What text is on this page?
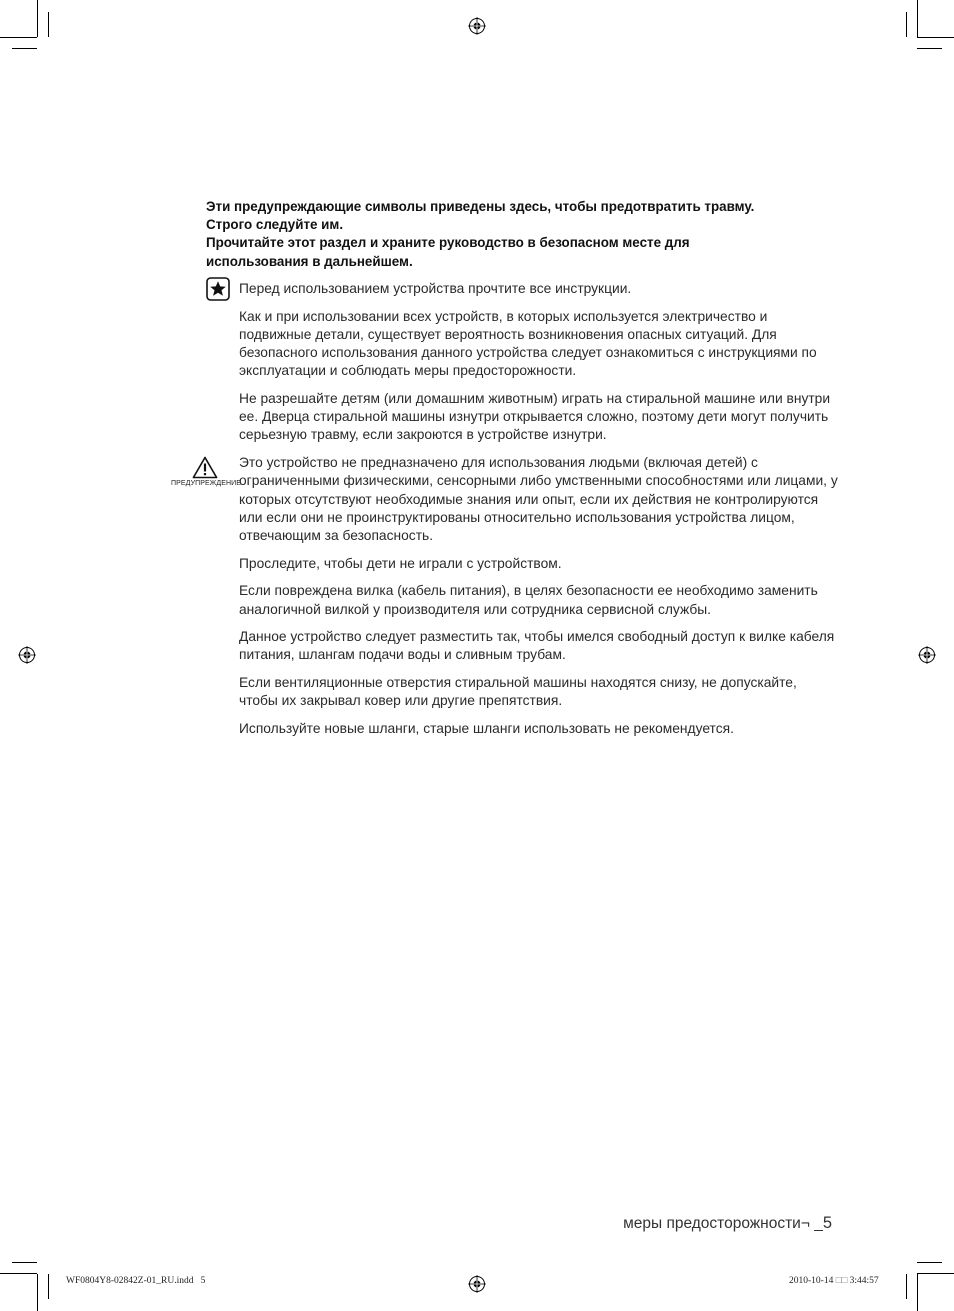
Эти предупреждающие символы приведены здесь, чтобы предотвратить травму.

Строго следуйте им.

Прочитайте этот раздел и храните руководство в безопасном месте для

использования в дальнейшем.

ПРЕДУПРЕЖДЕНИЕ

Перед использованием устройства прочтите все инструкции.

Как и при использовании всех устройств, в которых используется электричество и подвижные детали, существует вероятность возникновения опасных ситуаций. Для безопасного использования данного устройства следует ознакомиться с инструкциями по эксплуатации и соблюдать меры предосторожности.

Не разрешайте детям (или домашним животным) играть на стиральной машине или внутри ее. Дверца стиральной машины изнутри открывается сложно, поэтому дети могут получить серьезную травму, если закроются в устройстве изнутри.

Это устройство не предназначено для использования людьми (включая детей) с ограниченными физическими, сенсорными либо умственными способностями или лицами, у которых отсутствуют необходимые знания или опыт, если их действия не контролируются или если они не проинструктированы относительно использования устройства лицом, отвечающим за безопасность.

Проследите, чтобы дети не играли с устройством.

Если повреждена вилка (кабель питания), в целях безопасности ее необходимо заменить аналогичной вилкой у производителя или сотрудника сервисной службы.

Данное устройство следует разместить так, чтобы имелся свободный доступ к вилке кабеля питания, шлангам подачи воды и сливным трубам.

Если вентиляционные отверстия стиральной машины находятся снизу, не допускайте, чтобы их закрывал ковер или другие препятствия.

Используйте новые шланги, старые шланги использовать не рекомендуется.

меры предосторожности¬ _5
WF0804Y8-02842Z-01_RU.indd   5	2010-10-14 □□ 3:44:57
